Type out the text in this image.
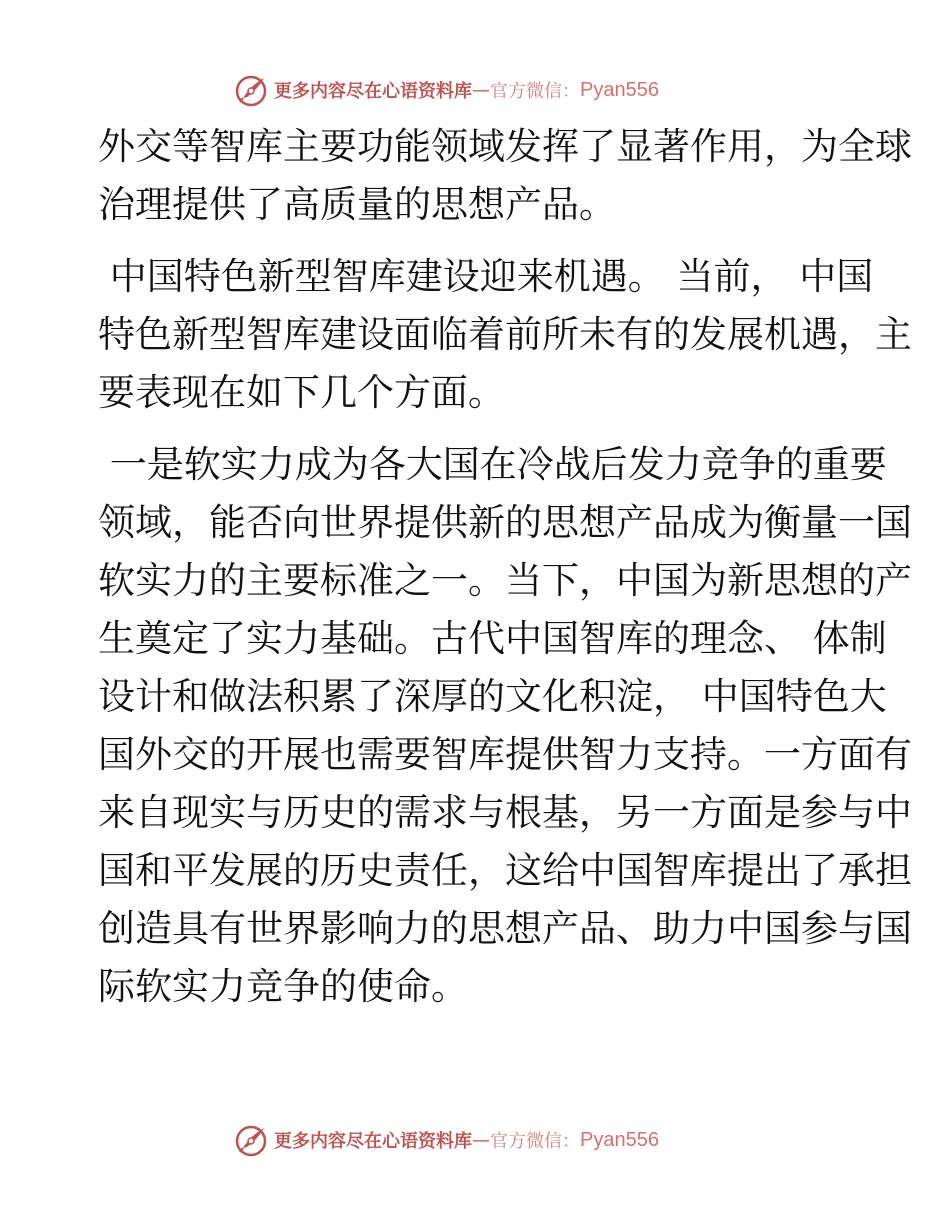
更多内容尽在心语资料库 — 官方微信： Pyan556
外交等智库主要功能领域发挥了显著作用，为全球
治理提供了高质量的思想产品。
中国特色新型智库建设迎来机遇。 当前， 中国
特色新型智库建设面临着前所未有的发展机遇，主
要表现在如下几个方面。
一是软实力成为各大国在冷战后发力竞争的重要
领域，能否向世界提供新的思想产品成为衡量一国
软实力的主要标准之一。当下，中国为新思想的产
生奠定了实力基础。古代中国智库的理念、 体制
设计和做法积累了深厚的文化积淀， 中国特色大
国外交的开展也需要智库提供智力支持。一方面有
来自现实与历史的需求与根基，另一方面是参与中
国和平发展的历史责任，这给中国智库提出了承担
创造具有世界影响力的思想产品、助力中国参与国
际软实力竞争的使命。
更多内容尽在心语资料库 — 官方微信： Pyan556
